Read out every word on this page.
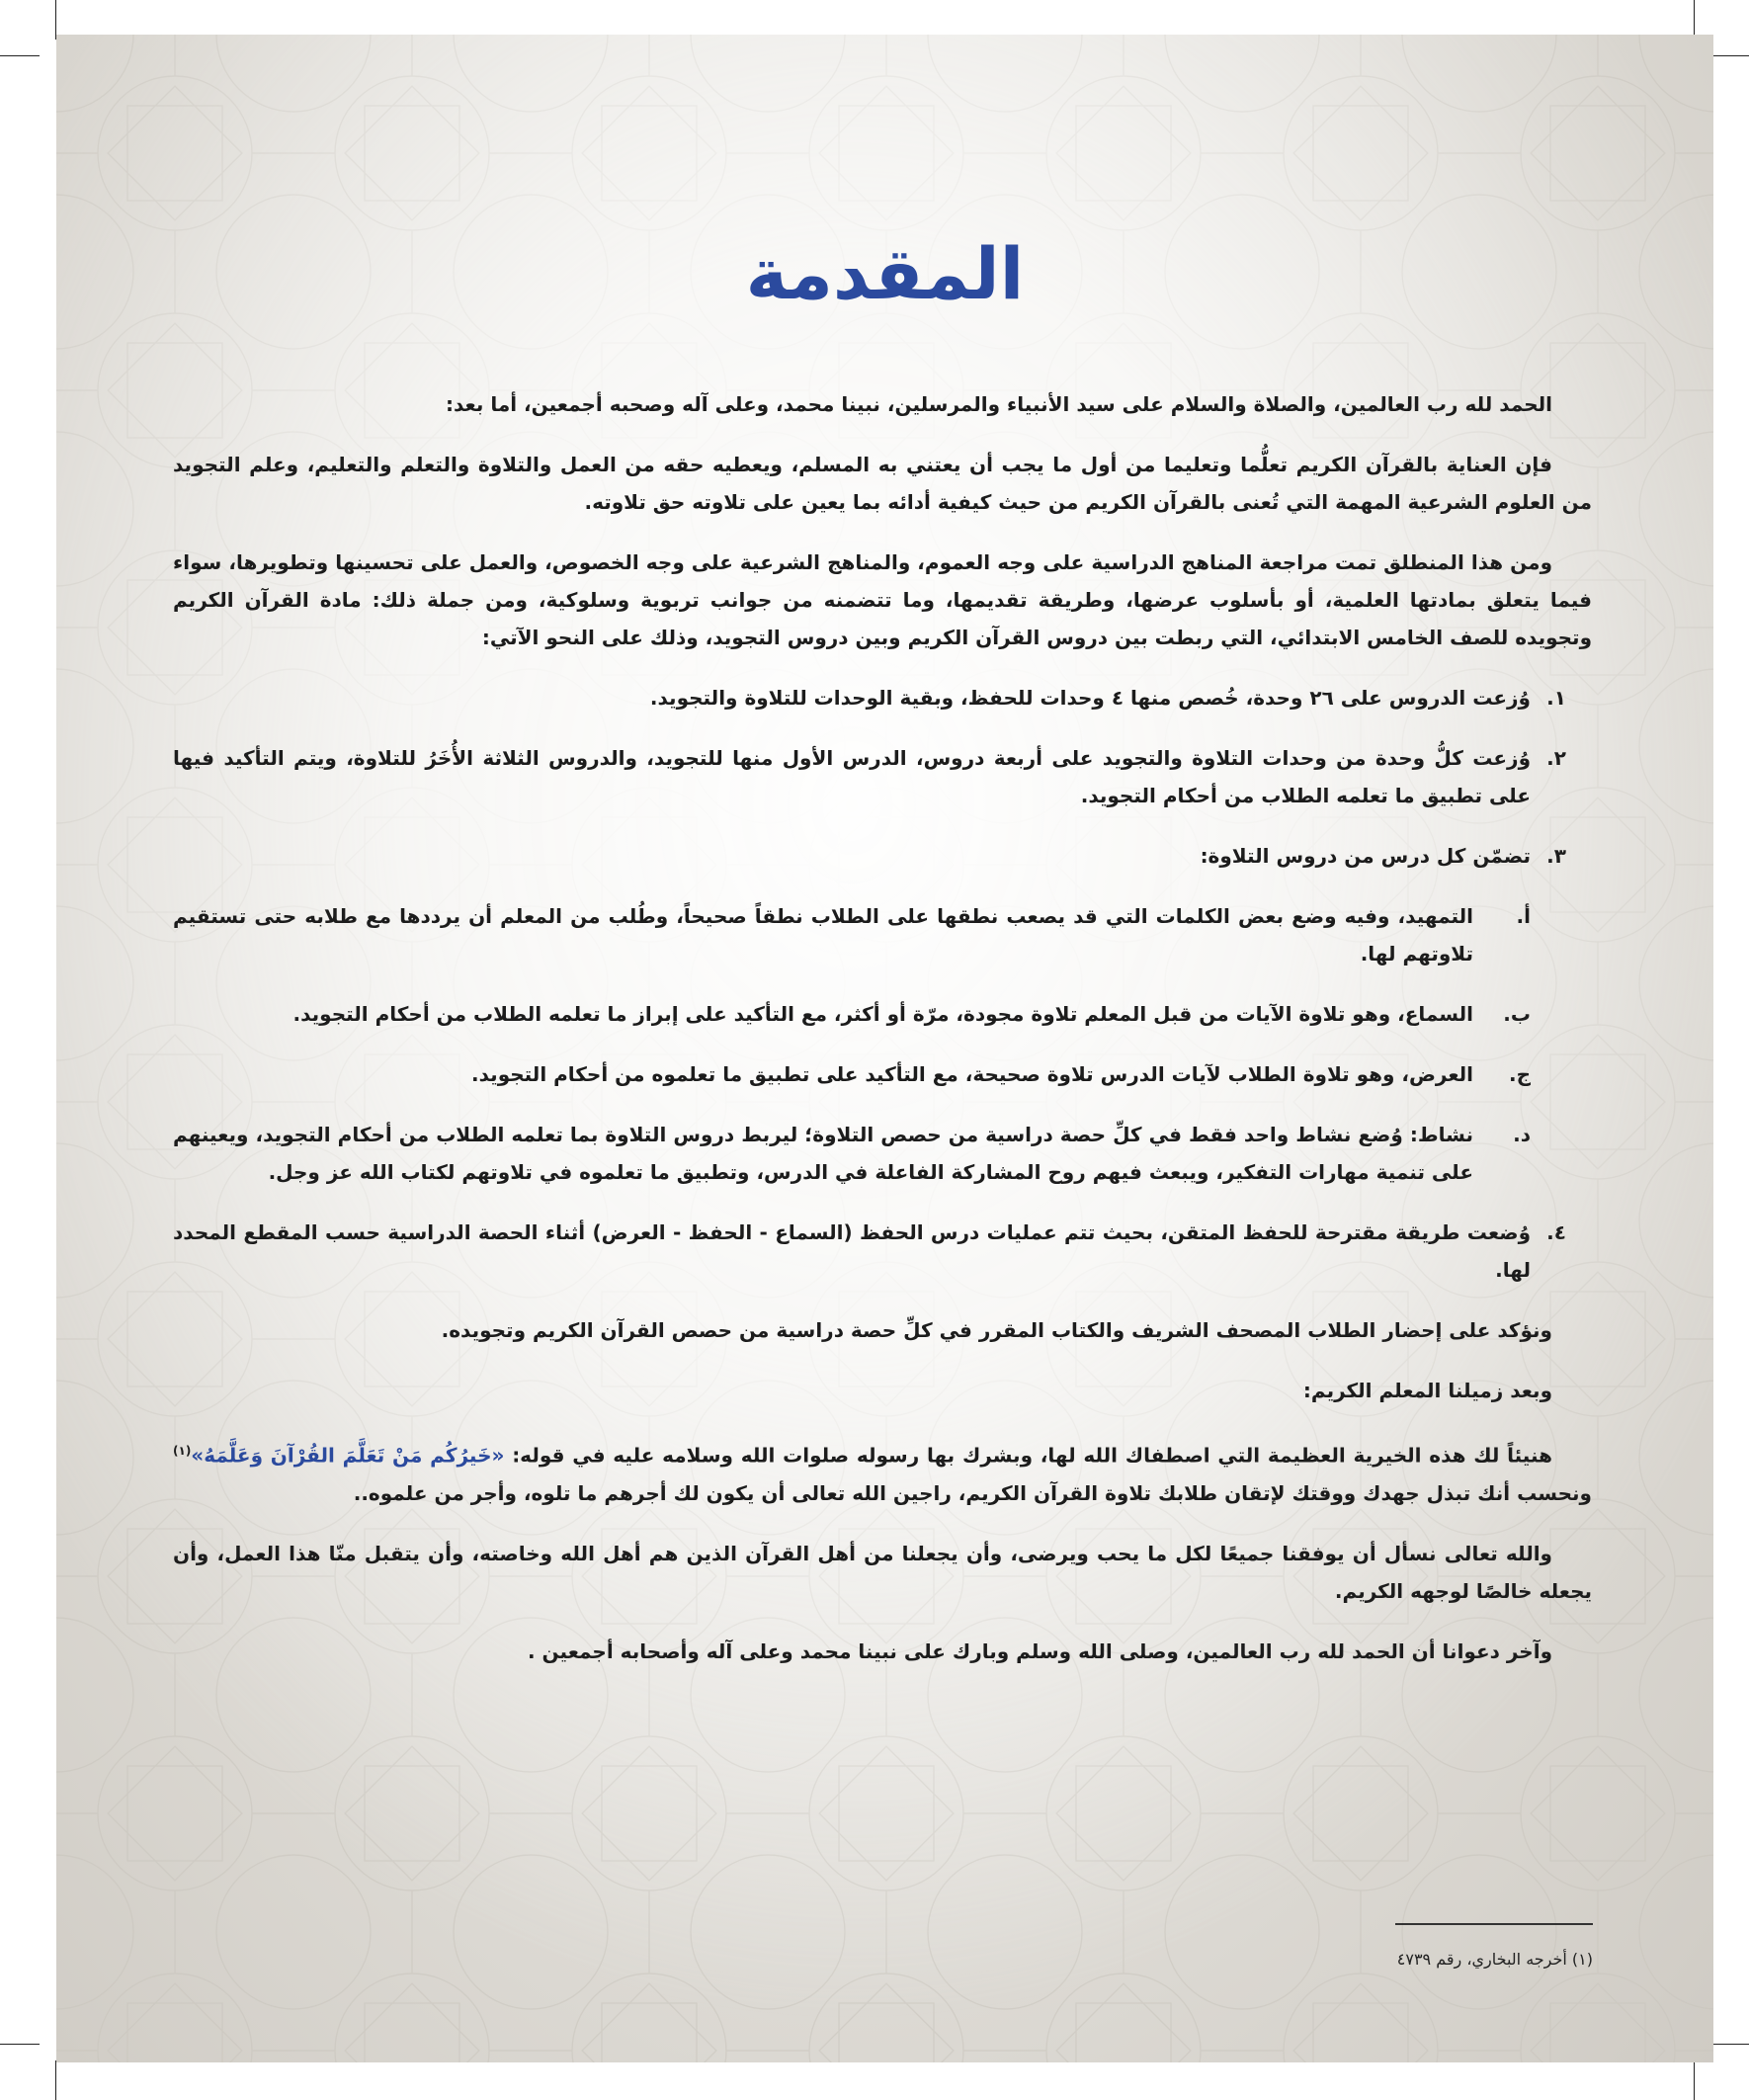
المقدمة

الحمد لله رب العالمين، والصلاة والسلام على سيد الأنبياء والمرسلين، نبينا محمد، وعلى آله وصحبه أجمعين، أما بعد:

فإن العناية بالقرآن الكريم تعلُّما وتعليما من أول ما يجب أن يعتني به المسلم، ويعطيه حقه من العمل والتلاوة والتعلم والتعليم، وعلم التجويد من العلوم الشرعية المهمة التي تُعنى بالقرآن الكريم من حيث كيفية أدائه بما يعين على تلاوته حق تلاوته.

ومن هذا المنطلق تمت مراجعة المناهج الدراسية على وجه العموم، والمناهج الشرعية على وجه الخصوص، والعمل على تحسينها وتطويرها، سواء فيما يتعلق بمادتها العلمية، أو بأسلوب عرضها، وطريقة تقديمها، وما تتضمنه من جوانب تربوية وسلوكية، ومن جملة ذلك: مادة القرآن الكريم وتجويده للصف الخامس الابتدائي، التي ربطت بين دروس القرآن الكريم وبين دروس التجويد، وذلك على النحو الآتي:

١.
وُزعت الدروس على ٢٦ وحدة، خُصص منها ٤ وحدات للحفظ، وبقية الوحدات للتلاوة والتجويد.
٢.
وُزعت كلُّ وحدة من وحدات التلاوة والتجويد على أربعة دروس، الدرس الأول منها للتجويد، والدروس الثلاثة الأُخَرُ للتلاوة، ويتم التأكيد فيها على تطبيق ما تعلمه الطلاب من أحكام التجويد.
٣.
تضمّن كل درس من دروس التلاوة:
أ.
التمهيد، وفيه وضع بعض الكلمات التي قد يصعب نطقها على الطلاب نطقاً صحيحاً، وطُلب من المعلم أن يرددها مع طلابه حتى تستقيم تلاوتهم لها.
ب.
السماع، وهو تلاوة الآيات من قبل المعلم تلاوة مجودة، مرّة أو أكثر، مع التأكيد على إبراز ما تعلمه الطلاب من أحكام التجويد.
ج.
العرض، وهو تلاوة الطلاب لآيات الدرس تلاوة صحيحة، مع التأكيد على تطبيق ما تعلموه من أحكام التجويد.
د.
نشاط: وُضع نشاط واحد فقط في كلِّ حصة دراسية من حصص التلاوة؛ ليربط دروس التلاوة بما تعلمه الطلاب من أحكام التجويد، ويعينهم على تنمية مهارات التفكير، ويبعث فيهم روح المشاركة الفاعلة في الدرس، وتطبيق ما تعلموه في تلاوتهم لكتاب الله عز وجل.
٤.
وُضعت طريقة مقترحة للحفظ المتقن، بحيث تتم عمليات درس الحفظ (السماع - الحفظ - العرض) أثناء الحصة الدراسية حسب المقطع المحدد لها.

ونؤكد على إحضار الطلاب المصحف الشريف والكتاب المقرر في كلِّ حصة دراسية من حصص القرآن الكريم وتجويده.

وبعد زميلنا المعلم الكريم:

هنيئاً لك هذه الخيرية العظيمة التي اصطفاك الله لها، وبشرك بها رسوله صلوات الله وسلامه عليه في قوله: «خَيرُكُم مَنْ تَعَلَّمَ القُرْآنَ وَعَلَّمَهُ»$^{(١)}$ ونحسب أنك تبذل جهدك ووقتك لإتقان طلابك تلاوة القرآن الكريم، راجين الله تعالى أن يكون لك أجرهم ما تلوه، وأجر من علموه..

والله تعالى نسأل أن يوفقنا جميعًا لكل ما يحب ويرضى، وأن يجعلنا من أهل القرآن الذين هم أهل الله وخاصته، وأن يتقبل منّا هذا العمل، وأن يجعله خالصًا لوجهه الكريم.

وآخر دعوانا أن الحمد لله رب العالمين، وصلى الله وسلم وبارك على نبينا محمد وعلى آله وأصحابه أجمعين .

(١) أخرجه البخاري، رقم ٤٧٣٩
